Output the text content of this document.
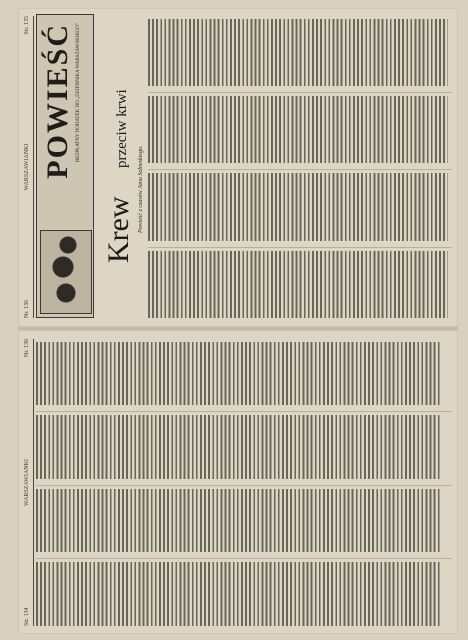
Str. 134
WARSZAWIANKI
Nr. 136

Nr. 136
WARSZAWIANKI
Str. 135 POWIEŚĆ BEZPŁATNY DODATEK DO „DZIENNIKA WARSZAWSKIEGO”
Krew
przeciw krwi
Powieść z czasów Jana Sobieskiego.
